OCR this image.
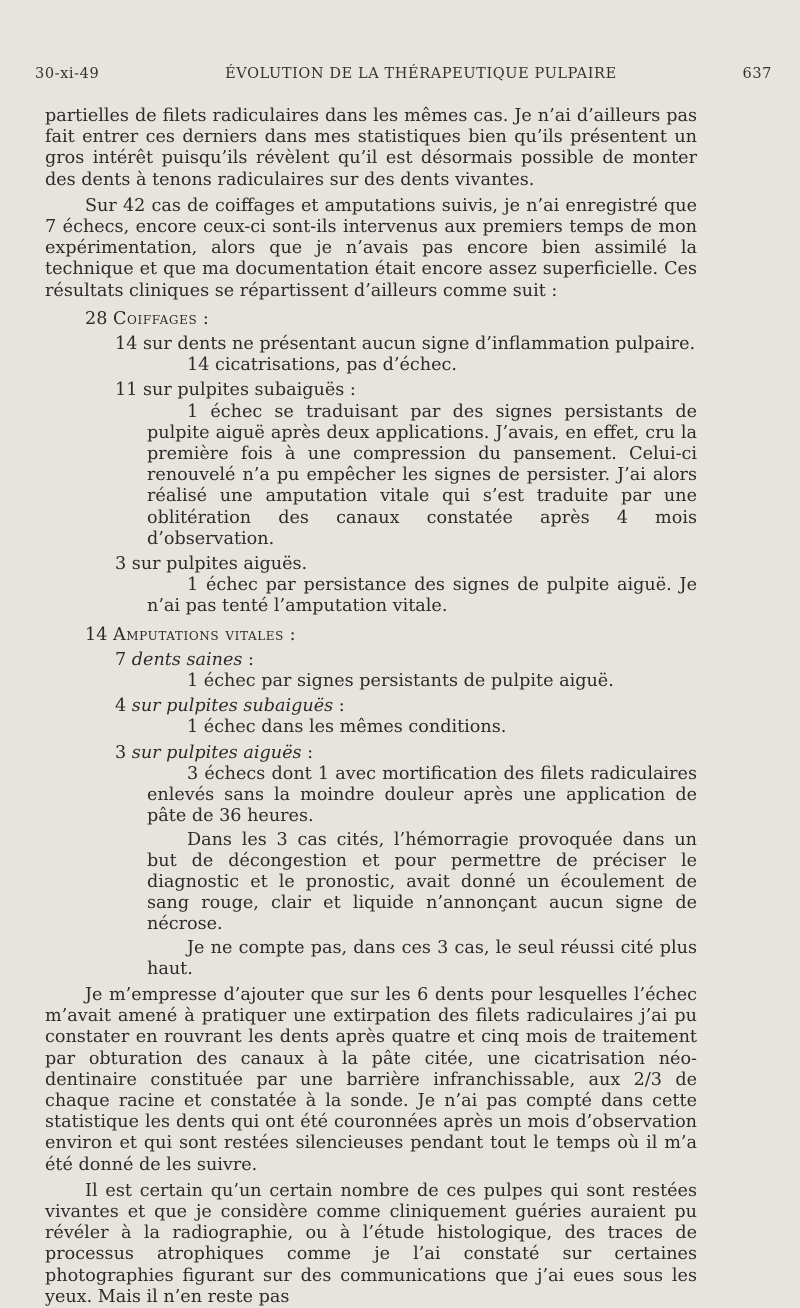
30-xi-49	ÉVOLUTION DE LA THÉRAPEUTIQUE PULPAIRE	637

partielles de filets radiculaires dans les mêmes cas. Je n’ai d’ailleurs pas fait entrer ces derniers dans mes statistiques bien qu’ils présentent un gros intérêt puisqu’ils révèlent qu’il est désormais possible de monter des dents à tenons radiculaires sur des dents vivantes.

Sur 42 cas de coiffages et amputations suivis, je n’ai enregistré que 7 échecs, encore ceux-ci sont-ils intervenus aux premiers temps de mon expérimentation, alors que je n’avais pas encore bien assimilé la technique et que ma documentation était encore assez superficielle. Ces résultats cliniques se répartissent d’ailleurs comme suit :

28 Coiffages :

14 sur dents ne présentant aucun signe d’inflammation pulpaire.

14 cicatrisations, pas d’échec.

11 sur pulpites subaiguës :

1 échec se traduisant par des signes persistants de pulpite aiguë après deux applications. J’avais, en effet, cru la première fois à une compression du pansement. Celui-ci renouvelé n’a pu empêcher les signes de persister. J’ai alors réalisé une amputation vitale qui s’est traduite par une oblitération des canaux constatée après 4 mois d’observation.

3 sur pulpites aiguës.

1 échec par persistance des signes de pulpite aiguë. Je n’ai pas tenté l’amputation vitale.

14 Amputations vitales :

7 dents saines :

1 échec par signes persistants de pulpite aiguë.

4 sur pulpites subaiguës :

1 échec dans les mêmes conditions.

3 sur pulpites aiguës :

3 échecs dont 1 avec mortification des filets radiculaires enlevés sans la moindre douleur après une application de pâte de 36 heures.

Dans les 3 cas cités, l’hémorragie provoquée dans un but de décongestion et pour permettre de préciser le diagnostic et le pronostic, avait donné un écoulement de sang rouge, clair et liquide n’annonçant aucun signe de nécrose.

Je ne compte pas, dans ces 3 cas, le seul réussi cité plus haut.

Je m’empresse d’ajouter que sur les 6 dents pour lesquelles l’échec m’avait amené à pratiquer une extirpation des filets radiculaires j’ai pu constater en rouvrant les dents après quatre et cinq mois de traitement par obturation des canaux à la pâte citée, une cicatrisation néo-dentinaire constituée par une barrière infranchissable, aux 2/3 de chaque racine et constatée à la sonde. Je n’ai pas compté dans cette statistique les dents qui ont été couronnées après un mois d’observation environ et qui sont restées silencieuses pendant tout le temps où il m’a été donné de les suivre.

Il est certain qu’un certain nombre de ces pulpes qui sont restées vivantes et que je considère comme cliniquement guéries auraient pu révéler à la radiographie, ou à l’étude histologique, des traces de processus atrophiques comme je l’ai constaté sur certaines photographies figurant sur des communications que j’ai eues sous les yeux. Mais il n’en reste pas
